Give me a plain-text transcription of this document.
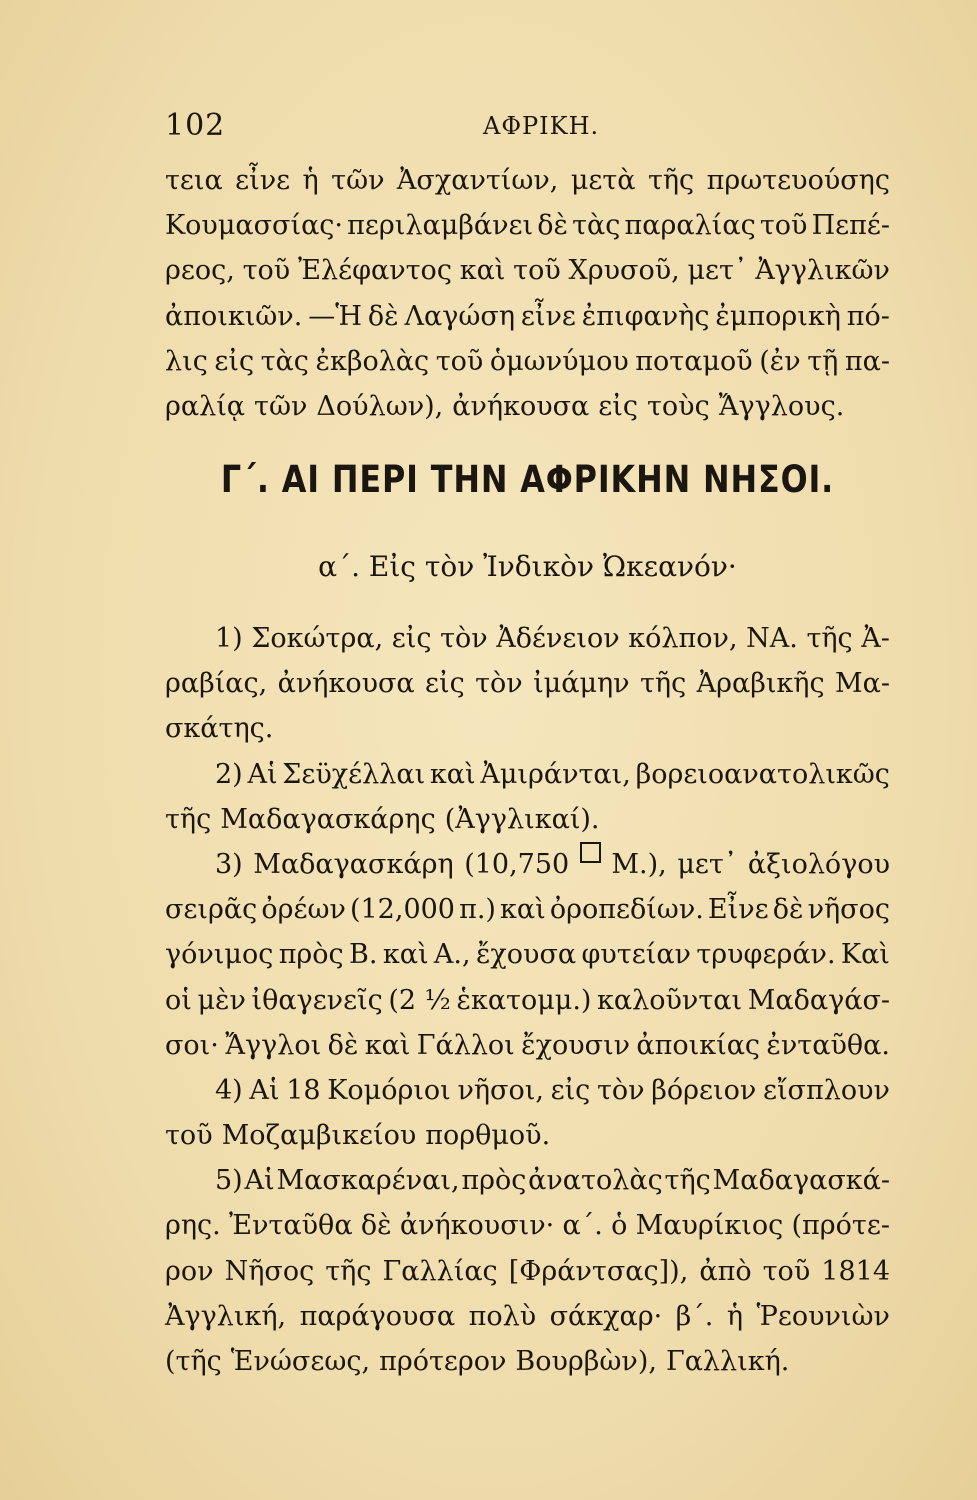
102	ΑΦΡΙΚΗ.
τεια εἶνε ἡ τῶν Ἀσχαντίων, μετὰ τῆς πρωτευούσης
Κουμασσίας· περιλαμβάνει δὲ τὰς παραλίας τοῦ Πεπέ-
ρεος, τοῦ Ἐλέφαντος καὶ τοῦ Χρυσοῦ, μετ᾽ Ἀγγλικῶν
ἀποικιῶν. —Ἡ δὲ Λαγώση εἶνε ἐπιφανὴς ἐμπορικὴ πό-
λις εἰς τὰς ἐκβολὰς τοῦ ὁμωνύμου ποταμοῦ (ἐν τῇ πα-
ραλίᾳ τῶν Δούλων), ἀνήκουσα εἰς τοὺς Ἄγγλους.
Γ΄. ΑΙ ΠΕΡΙ ΤΗΝ ΑΦΡΙΚΗΝ ΝΗΣΟΙ.
α΄. Εἰς τὸν Ἰνδικὸν Ὠκεανόν·
1) Σοκώτρα, εἰς τὸν Ἀδένειον κόλπον, ΝΑ. τῆς Ἀ-
ραβίας, ἀνήκουσα εἰς τὸν ἰμάμην τῆς Ἀραβικῆς Μα-
σκάτης.
2) Αἱ Σεϋχέλλαι καὶ Ἀμιράνται, βορειοανατολικῶς
τῆς Μαδαγασκάρης (Ἀγγλικαί).
3) Μαδαγασκάρη (10,750 Μ.), μετ᾽ ἀξιολόγου
σειρᾶς ὀρέων (12,000 π.) καὶ ὀροπεδίων. Εἶνε δὲ νῆσος
γόνιμος πρὸς Β. καὶ Α., ἔχουσα φυτείαν τρυφεράν. Καὶ
οἱ μὲν ἰθαγενεῖς (2 ½ ἑκατομμ.) καλοῦνται Μαδαγάσ-
σοι· Ἄγγλοι δὲ καὶ Γάλλοι ἔχουσιν ἀποικίας ἐνταῦθα.
4) Αἱ 18 Κομόριοι νῆσοι, εἰς τὸν βόρειον εἴσπλουν
τοῦ Μοζαμβικείου πορθμοῦ.
5) Αἱ Μασκαρέναι, πρὸς ἀνατολὰς τῆς Μαδαγασκά-
ρης. Ἐνταῦθα δὲ ἀνήκουσιν· α΄. ὁ Μαυρίκιος (πρότε-
ρον Νῆσος τῆς Γαλλίας [Φράντσας]), ἀπὸ τοῦ 1814
Ἀγγλική, παράγουσα πολὺ σάκχαρ· β΄. ἡ Ῥεουνιὼν
(τῆς Ἑνώσεως, πρότερον Βουρβὼν), Γαλλική.
